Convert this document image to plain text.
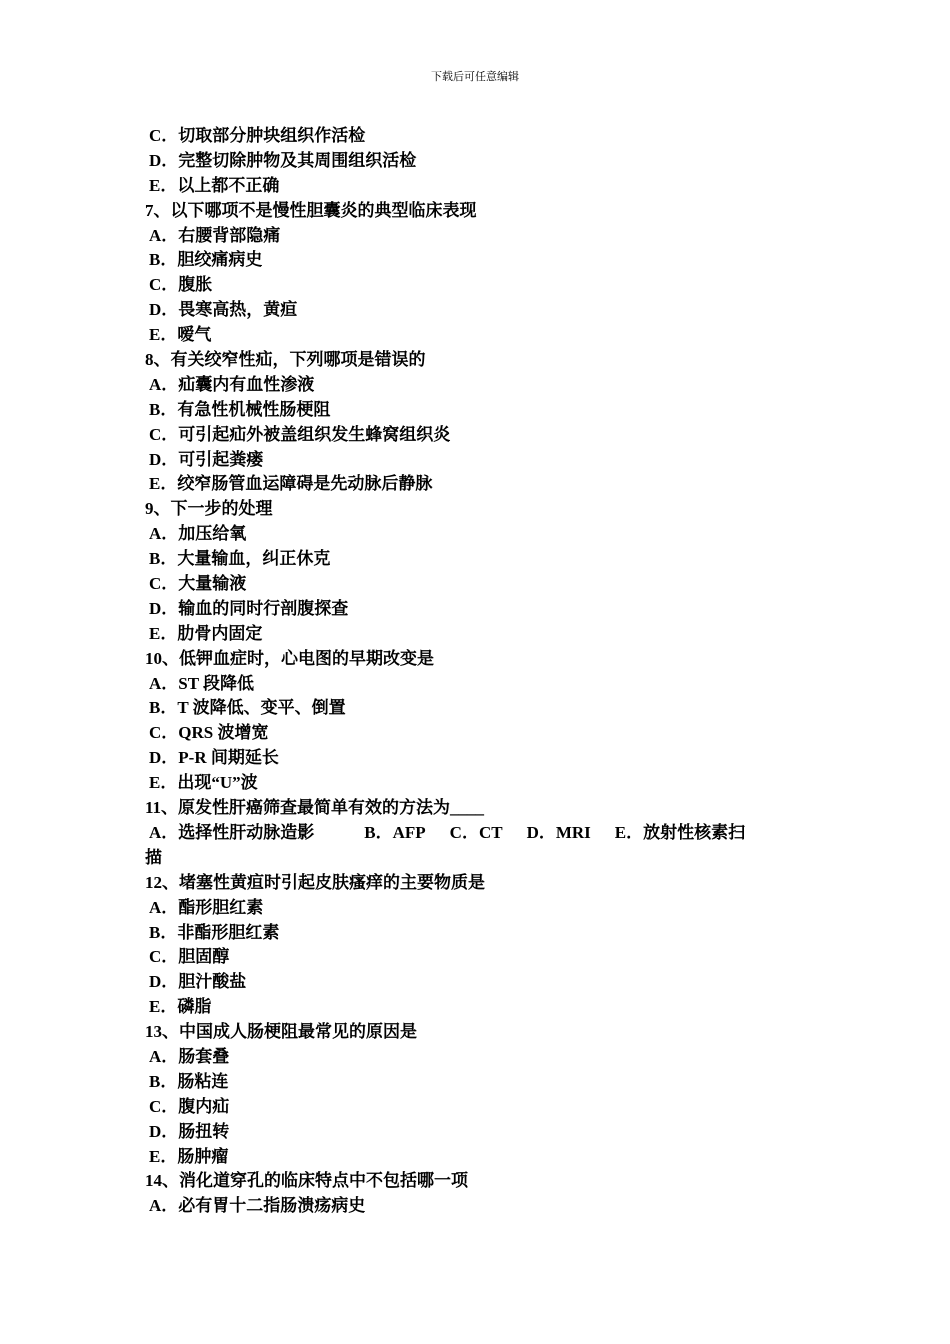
下载后可任意编辑
C．切取部分肿块组织作活检
D．完整切除肿物及其周围组织活检
E．以上都不正确
7、以下哪项不是慢性胆囊炎的典型临床表现
A．右腰背部隐痛
B．胆绞痛病史
C．腹胀
D．畏寒高热，黄疸
E．嗳气
8、有关绞窄性疝，下列哪项是错误的
A．疝囊内有血性渗液
B．有急性机械性肠梗阻
C．可引起疝外被盖组织发生蜂窝组织炎
D．可引起粪瘘
E．绞窄肠管血运障碍是先动脉后静脉
9、下一步的处理
A．加压给氧
B．大量输血，纠正休克
C．大量输液
D．输血的同时行剖腹探查
E．肋骨内固定
10、低钾血症时，心电图的早期改变是
A．ST 段降低
B．T 波降低、变平、倒置
C．QRS 波增宽
D．P-R 间期延长
E．出现“U”波
11、原发性肝癌筛查最简单有效的方法为____
A．选择性肝动脉造影	B．AFP C．CT D．MRI E．放射性核素扫
描
12、堵塞性黄疸时引起皮肤瘙痒的主要物质是
A．酯形胆红素
B．非酯形胆红素
C．胆固醇
D．胆汁酸盐
E．磷脂
13、中国成人肠梗阻最常见的原因是
A．肠套叠
B．肠粘连
C．腹内疝
D．肠扭转
E．肠肿瘤
14、消化道穿孔的临床特点中不包括哪一项
A．必有胃十二指肠溃疡病史
